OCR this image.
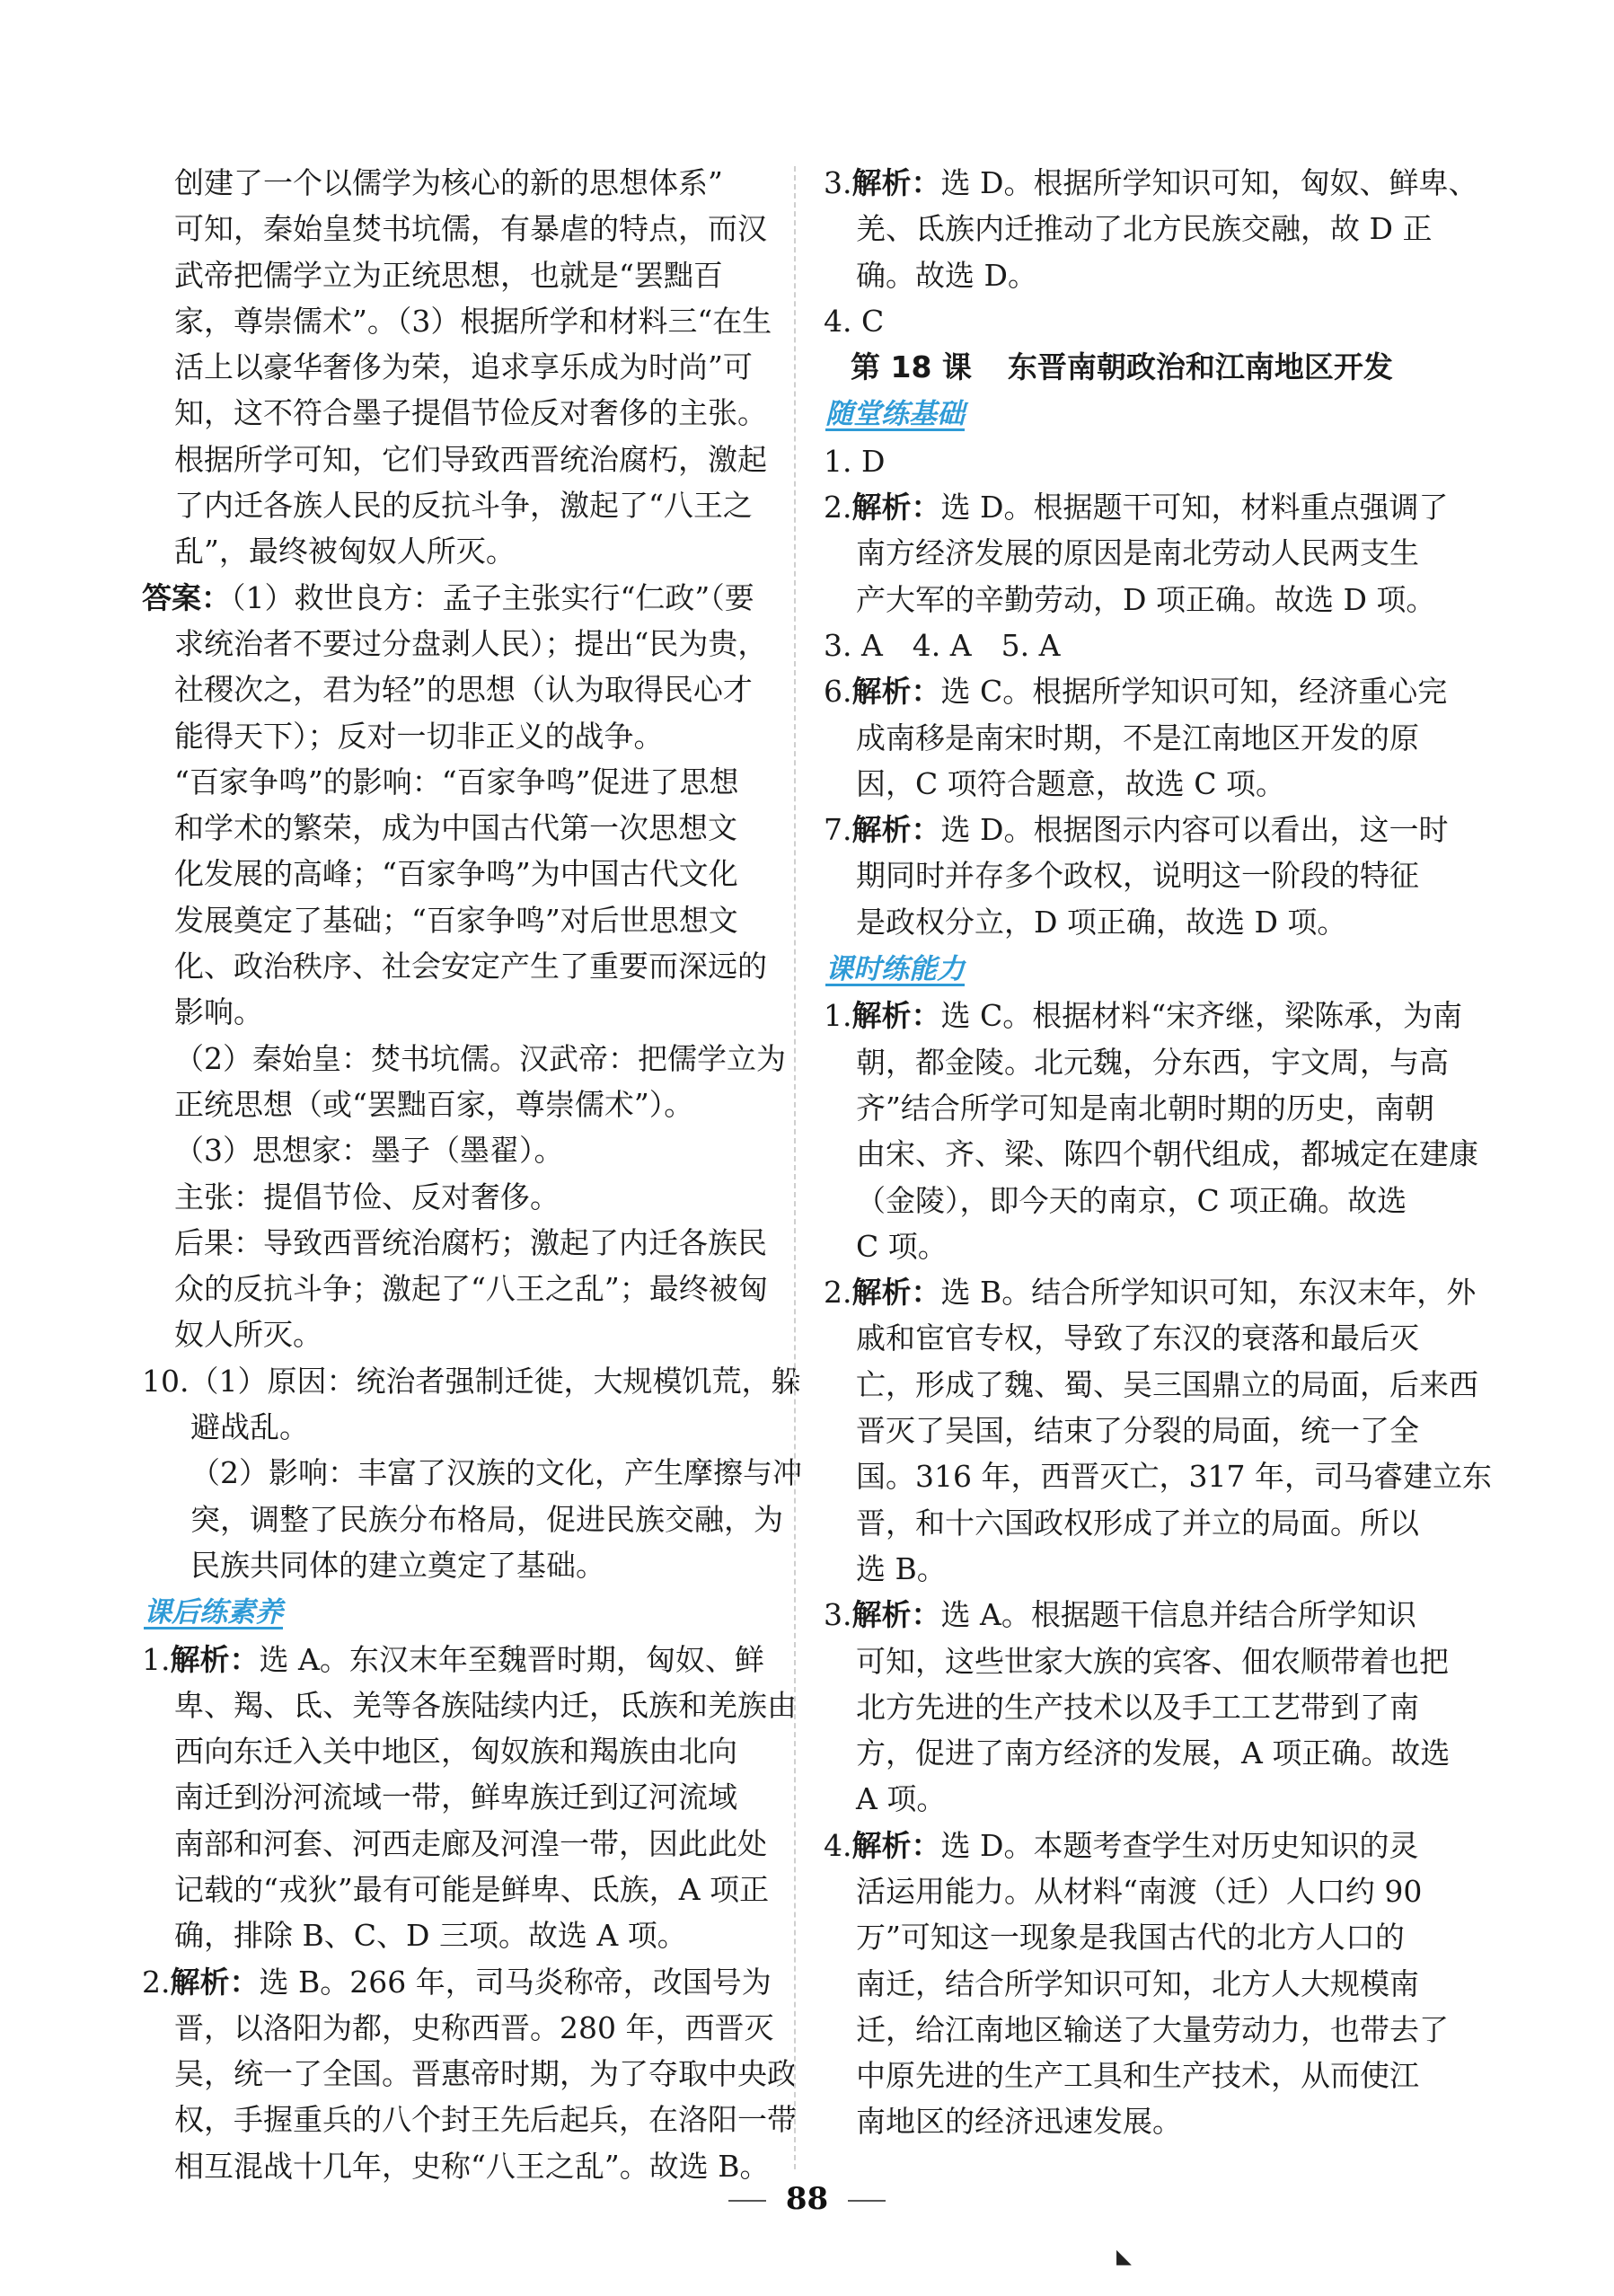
创建了一个以儒学为核心的新的思想体系”
可知，秦始皇焚书坑儒，有暴虐的特点，而汉
武帝把儒学立为正统思想，也就是“罢黜百
家，尊崇儒术”。（3）根据所学和材料三“在生
活上以豪华奢侈为荣，追求享乐成为时尚”可
知，这不符合墨子提倡节俭反对奢侈的主张。
根据所学可知，它们导致西晋统治腐朽，激起
了内迁各族人民的反抗斗争，激起了“八王之
乱”，最终被匈奴人所灭。
答案：（1）救世良方：孟子主张实行“仁政”（要
求统治者不要过分盘剥人民）；提出“民为贵，
社稷次之，君为轻”的思想（认为取得民心才
能得天下）；反对一切非正义的战争。
“百家争鸣”的影响：“百家争鸣”促进了思想
和学术的繁荣，成为中国古代第一次思想文
化发展的高峰；“百家争鸣”为中国古代文化
发展奠定了基础；“百家争鸣”对后世思想文
化、政治秩序、社会安定产生了重要而深远的
影响。
（2）秦始皇：焚书坑儒。汉武帝：把儒学立为
正统思想（或“罢黜百家，尊崇儒术”）。
（3）思想家：墨子（墨翟）。
主张：提倡节俭、反对奢侈。
后果：导致西晋统治腐朽；激起了内迁各族民
众的反抗斗争；激起了“八王之乱”；最终被匈
奴人所灭。
10.（1）原因：统治者强制迁徙，大规模饥荒，躲
避战乱。
（2）影响：丰富了汉族的文化，产生摩擦与冲
突，调整了民族分布格局，促进民族交融，为
民族共同体的建立奠定了基础。
课后练素养
1.解析：选 A。东汉末年至魏晋时期，匈奴、鲜
卑、羯、氐、羌等各族陆续内迁，氐族和羌族由
西向东迁入关中地区，匈奴族和羯族由北向
南迁到汾河流域一带，鲜卑族迁到辽河流域
南部和河套、河西走廊及河湟一带，因此此处
记载的“戎狄”最有可能是鲜卑、氐族，A 项正
确，排除 B、C、D 三项。故选 A 项。
2.解析：选 B。266 年，司马炎称帝，改国号为
晋，以洛阳为都，史称西晋。280 年，西晋灭
吴，统一了全国。晋惠帝时期，为了夺取中央政
权，手握重兵的八个封王先后起兵，在洛阳一带
相互混战十几年，史称“八王之乱”。故选 B。
3.解析：选 D。根据所学知识可知，匈奴、鲜卑、
羌、氐族内迁推动了北方民族交融，故 D 正
确。故选 D。
4. C
第 18 课 东晋南朝政治和江南地区开发
随堂练基础
1. D
2.解析：选 D。根据题干可知，材料重点强调了
南方经济发展的原因是南北劳动人民两支生
产大军的辛勤劳动，D 项正确。故选 D 项。
3. A　4. A　5. A
6.解析：选 C。根据所学知识可知，经济重心完
成南移是南宋时期，不是江南地区开发的原
因，C 项符合题意，故选 C 项。
7.解析：选 D。根据图示内容可以看出，这一时
期同时并存多个政权，说明这一阶段的特征
是政权分立，D 项正确，故选 D 项。
课时练能力
1.解析：选 C。根据材料“宋齐继，梁陈承，为南
朝，都金陵。北元魏，分东西，宇文周，与高
齐”结合所学可知是南北朝时期的历史，南朝
由宋、齐、梁、陈四个朝代组成，都城定在建康
（金陵），即今天的南京，C 项正确。故选
C 项。
2.解析：选 B。结合所学知识可知，东汉末年，外
戚和宦官专权，导致了东汉的衰落和最后灭
亡，形成了魏、蜀、吴三国鼎立的局面，后来西
晋灭了吴国，结束了分裂的局面，统一了全
国。316 年，西晋灭亡，317 年，司马睿建立东
晋，和十六国政权形成了并立的局面。所以
选 B。
3.解析：选 A。根据题干信息并结合所学知识
可知，这些世家大族的宾客、佃农顺带着也把
北方先进的生产技术以及手工工艺带到了南
方，促进了南方经济的发展，A 项正确。故选
A 项。
4.解析：选 D。本题考查学生对历史知识的灵
活运用能力。从材料“南渡（迁）人口约 90
万”可知这一现象是我国古代的北方人口的
南迁，结合所学知识可知，北方人大规模南
迁，给江南地区输送了大量劳动力，也带去了
中原先进的生产工具和生产技术，从而使江
南地区的经济迅速发展。
88
◣
